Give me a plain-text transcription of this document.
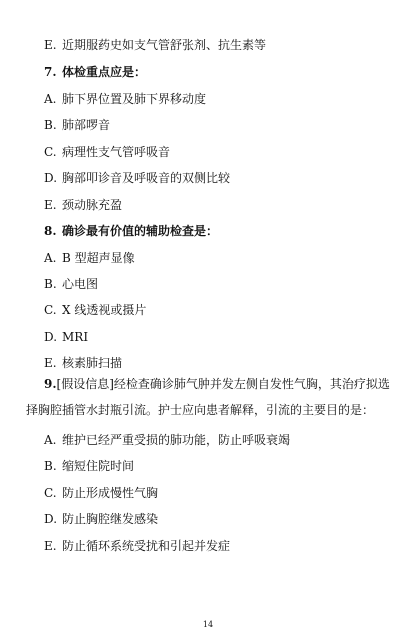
E. 近期服药史如支气管舒张剂、抗生素等
7. 体检重点应是：
A. 肺下界位置及肺下界移动度
B. 肺部啰音
C. 病理性支气管呼吸音
D. 胸部叩诊音及呼吸音的双侧比较
E. 颈动脉充盈
8. 确诊最有价值的辅助检查是：
A. B 型超声显像
B. 心电图
C. X 线透视或摄片
D. MRI
E. 核素肺扫描
9.[假设信息]经检查确诊肺气肿并发左侧自发性气胸，其治疗拟选择胸腔插管水封瓶引流。护士应向患者解释，引流的主要目的是：
A. 维护已经严重受损的肺功能，防止呼吸衰竭
B. 缩短住院时间
C. 防止形成慢性气胸
D. 防止胸腔继发感染
E. 防止循环系统受扰和引起并发症
14
